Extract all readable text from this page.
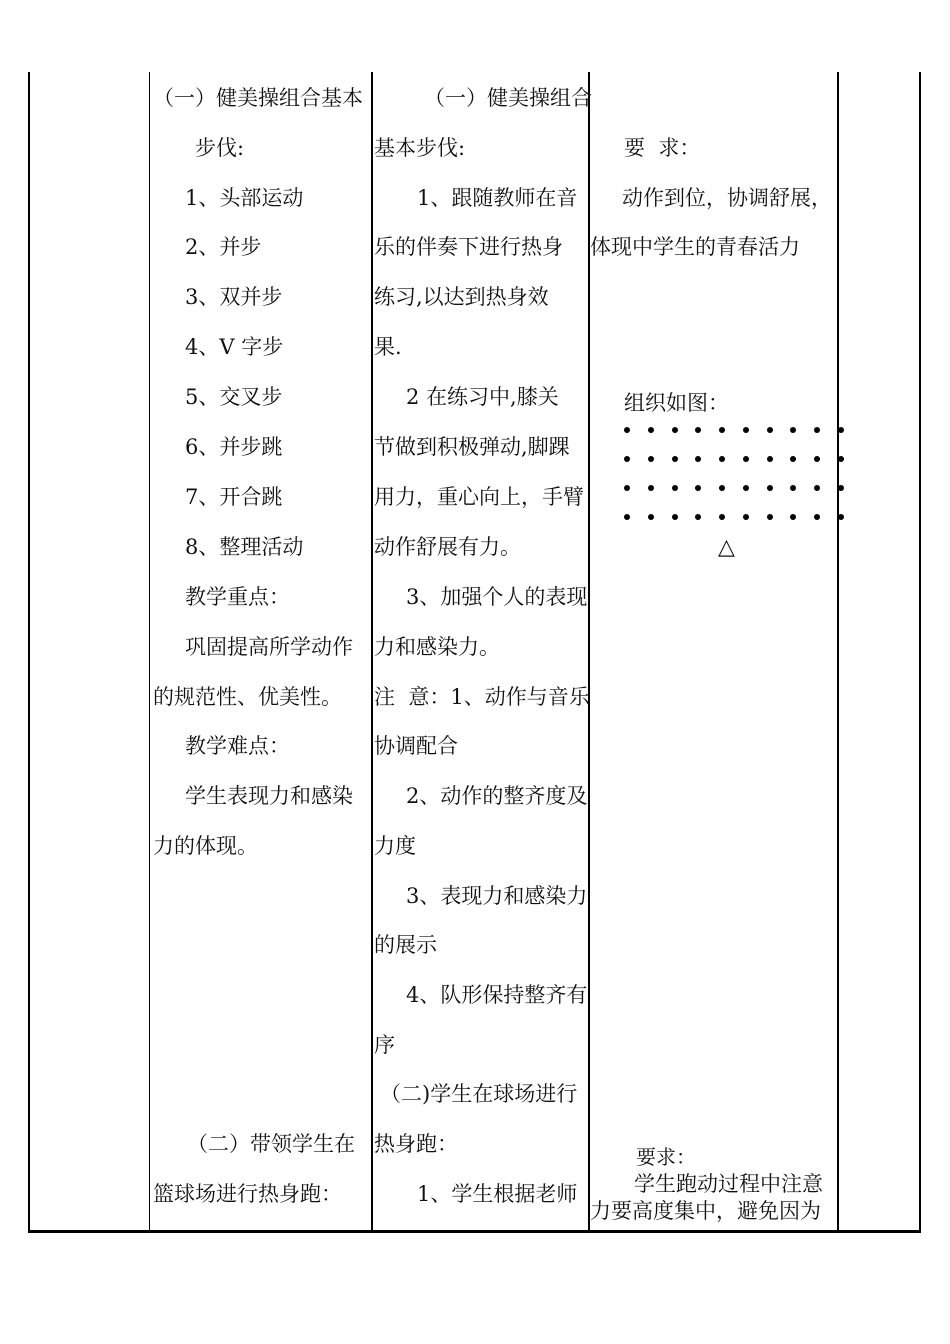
（一）健美操组合基本
步伐:
1、头部运动
2、并步
3、双并步
4、V 字步
5、交叉步
6、并步跳
7、开合跳
8、整理活动
教学重点：
巩固提高所学动作
的规范性、优美性。
教学难点：
学生表现力和感染
力的体现。
（二）带领学生在
篮球场进行热身跑：
（一）健美操组合
基本步伐:
1、跟随教师在音
乐的伴奏下进行热身
练习,以达到热身效
果.
2 在练习中,膝关
节做到积极弹动,脚踝
用力，重心向上，手臂
动作舒展有力。
3、加强个人的表现
力和感染力。
注  意：1、动作与音乐
协调配合
2、动作的整齐度及
力度
3、表现力和感染力
的展示
4、队形保持整齐有
序
（二)学生在球场进行
热身跑：
1、学生根据老师
要  求：
动作到位，协调舒展，
体现中学生的青春活力
组织如图：
△
要求：
学生跑动过程中注意
力要高度集中，避免因为
